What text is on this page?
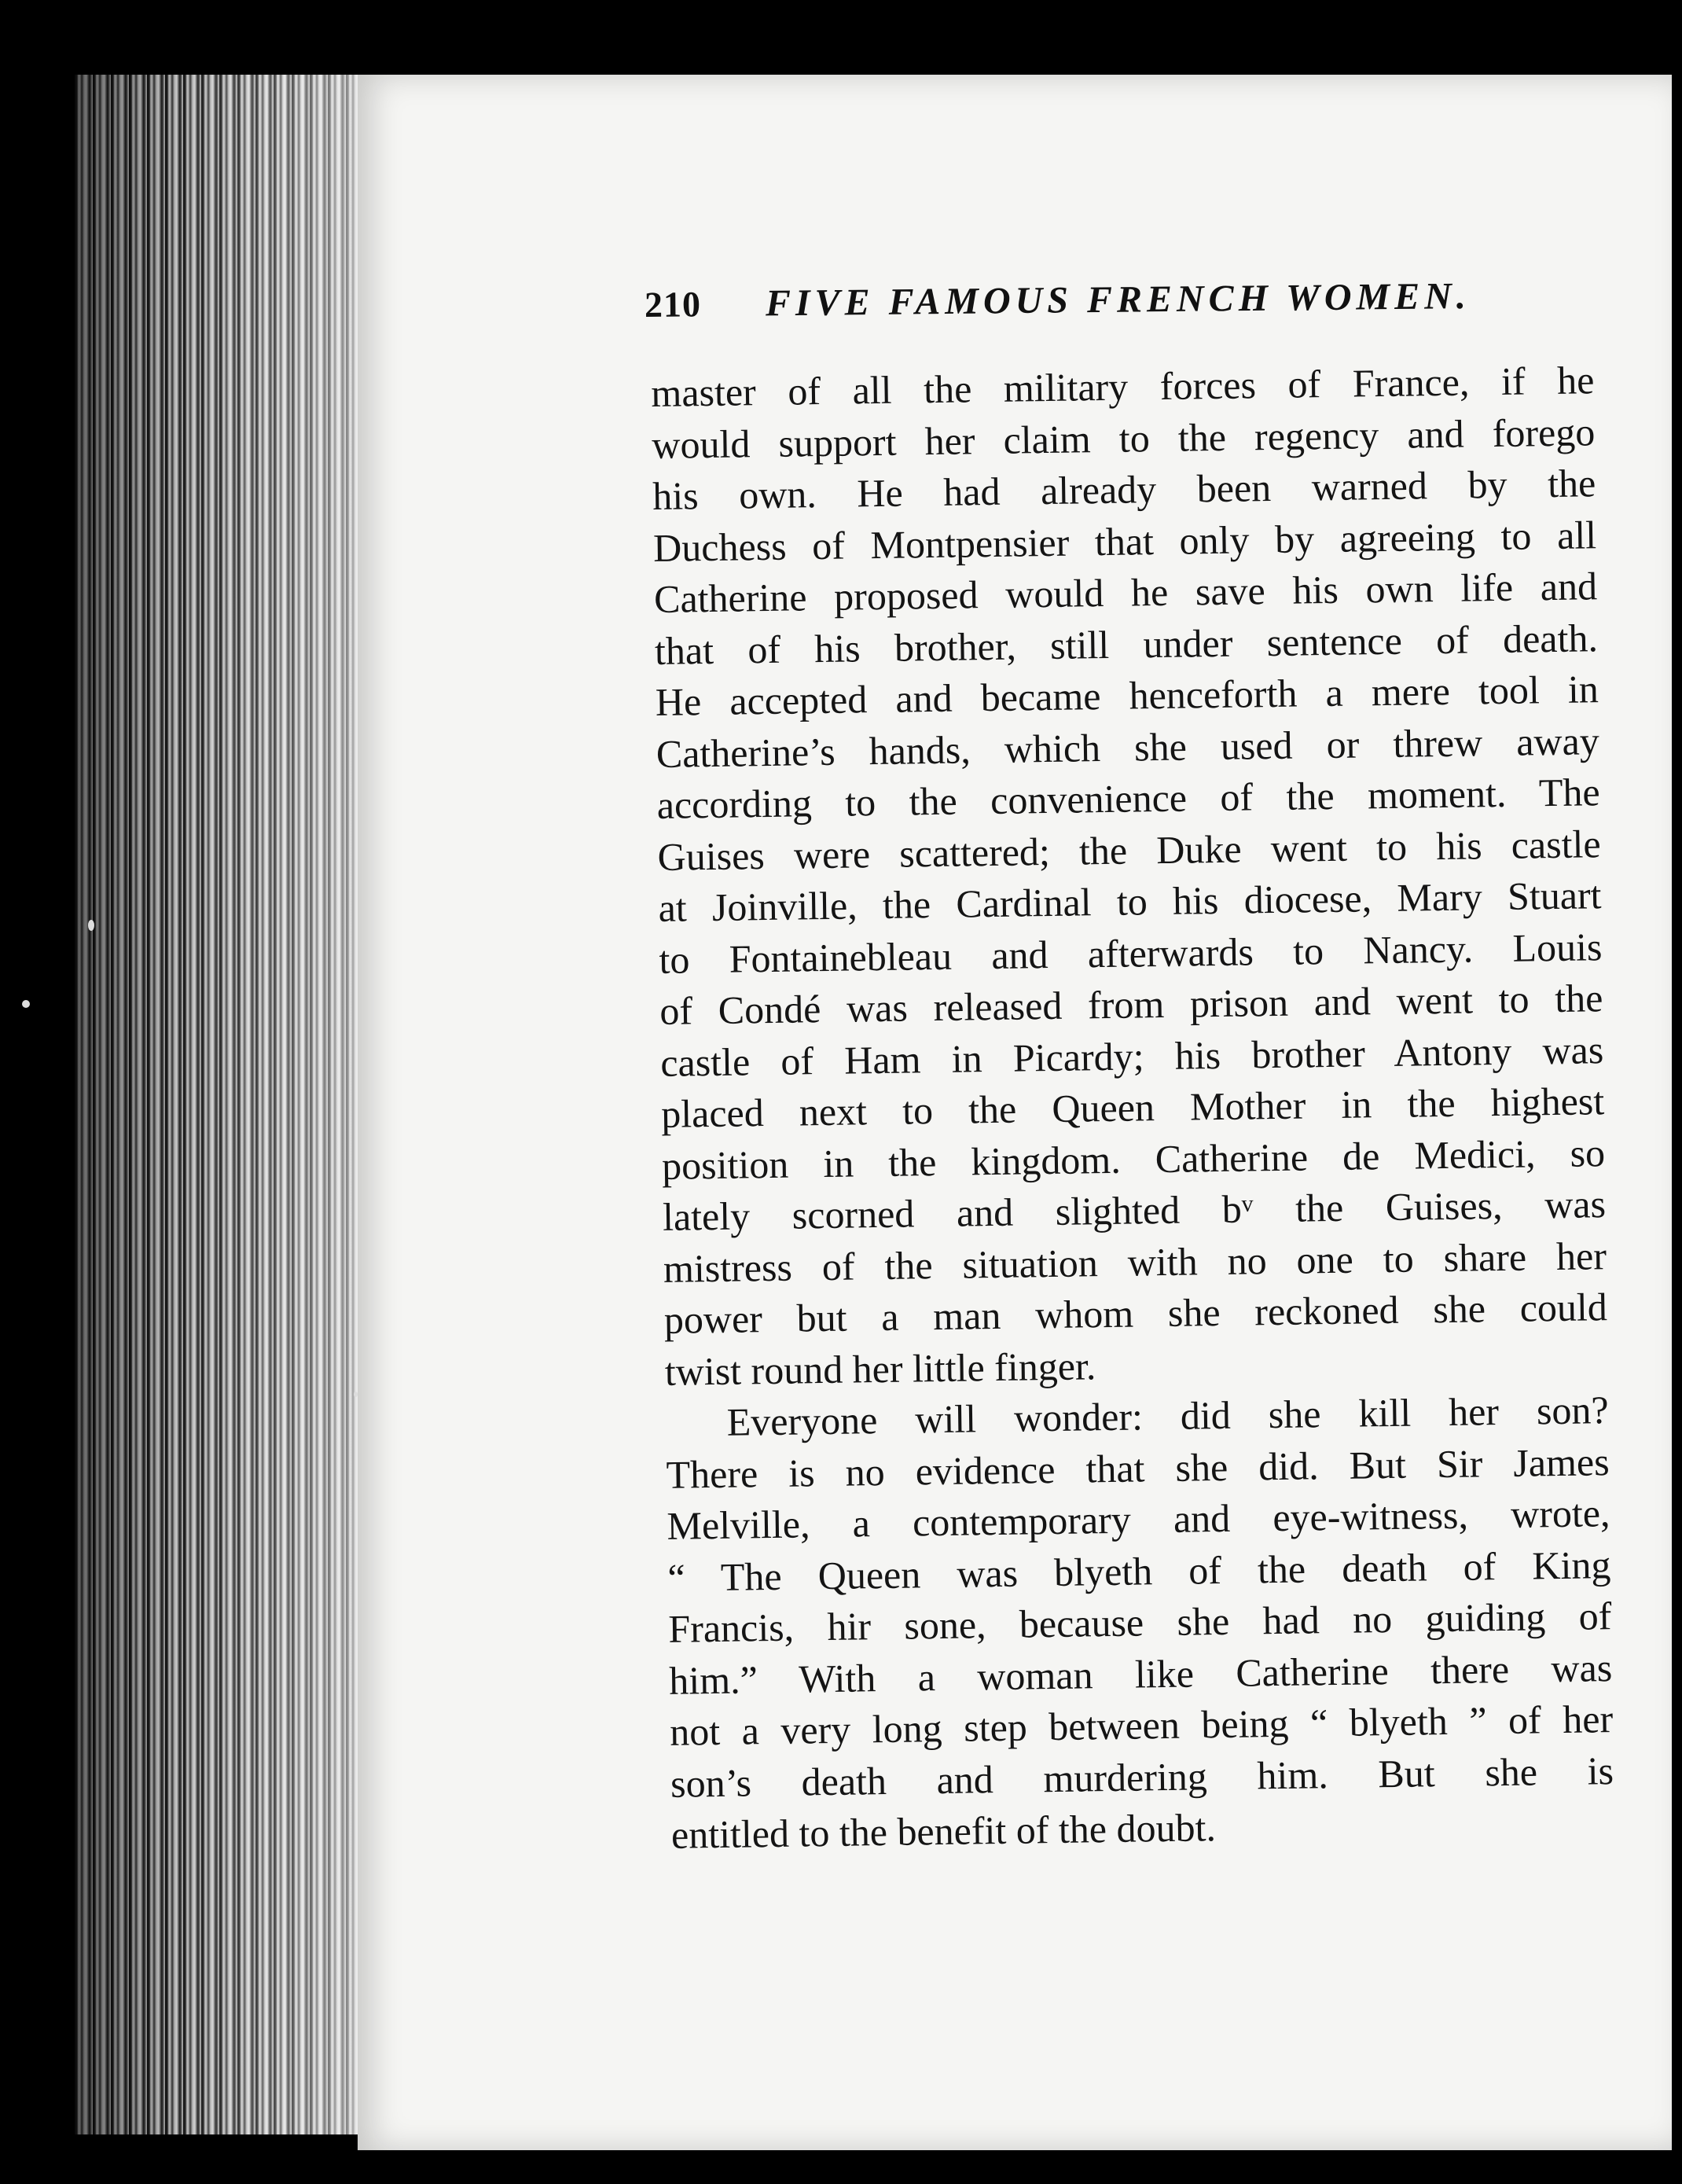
210 FIVE FAMOUS FRENCH WOMEN.
master of all the military forces of France, if he
would support her claim to the regency and forego
his own. He had already been warned by the
Duchess of Montpensier that only by agreeing to all
Catherine proposed would he save his own life and
that of his brother, still under sentence of death.
He accepted and became henceforth a mere tool in
Catherine’s hands, which she used or threw away
according to the convenience of the moment. The
Guises were scattered; the Duke went to his castle
at Joinville, the Cardinal to his diocese, Mary Stuart
to Fontainebleau and afterwards to Nancy. Louis
of Condé was released from prison and went to the
castle of Ham in Picardy; his brother Antony was
placed next to the Queen Mother in the highest
position in the kingdom. Catherine de Medici, so
lately scorned and slighted bᵛ the Guises, was
mistress of the situation with no one to share her
power but a man whom she reckoned she could
twist round her little finger.
Everyone will wonder: did she kill her son?
There is no evidence that she did. But Sir James
Melville, a contemporary and eye-witness, wrote,
“ The Queen was blyeth of the death of King
Francis, hir sone, because she had no guiding of
him.” With a woman like Catherine there was
not a very long step between being “ blyeth ” of her
son’s death and murdering him. But she is
entitled to the benefit of the doubt.
